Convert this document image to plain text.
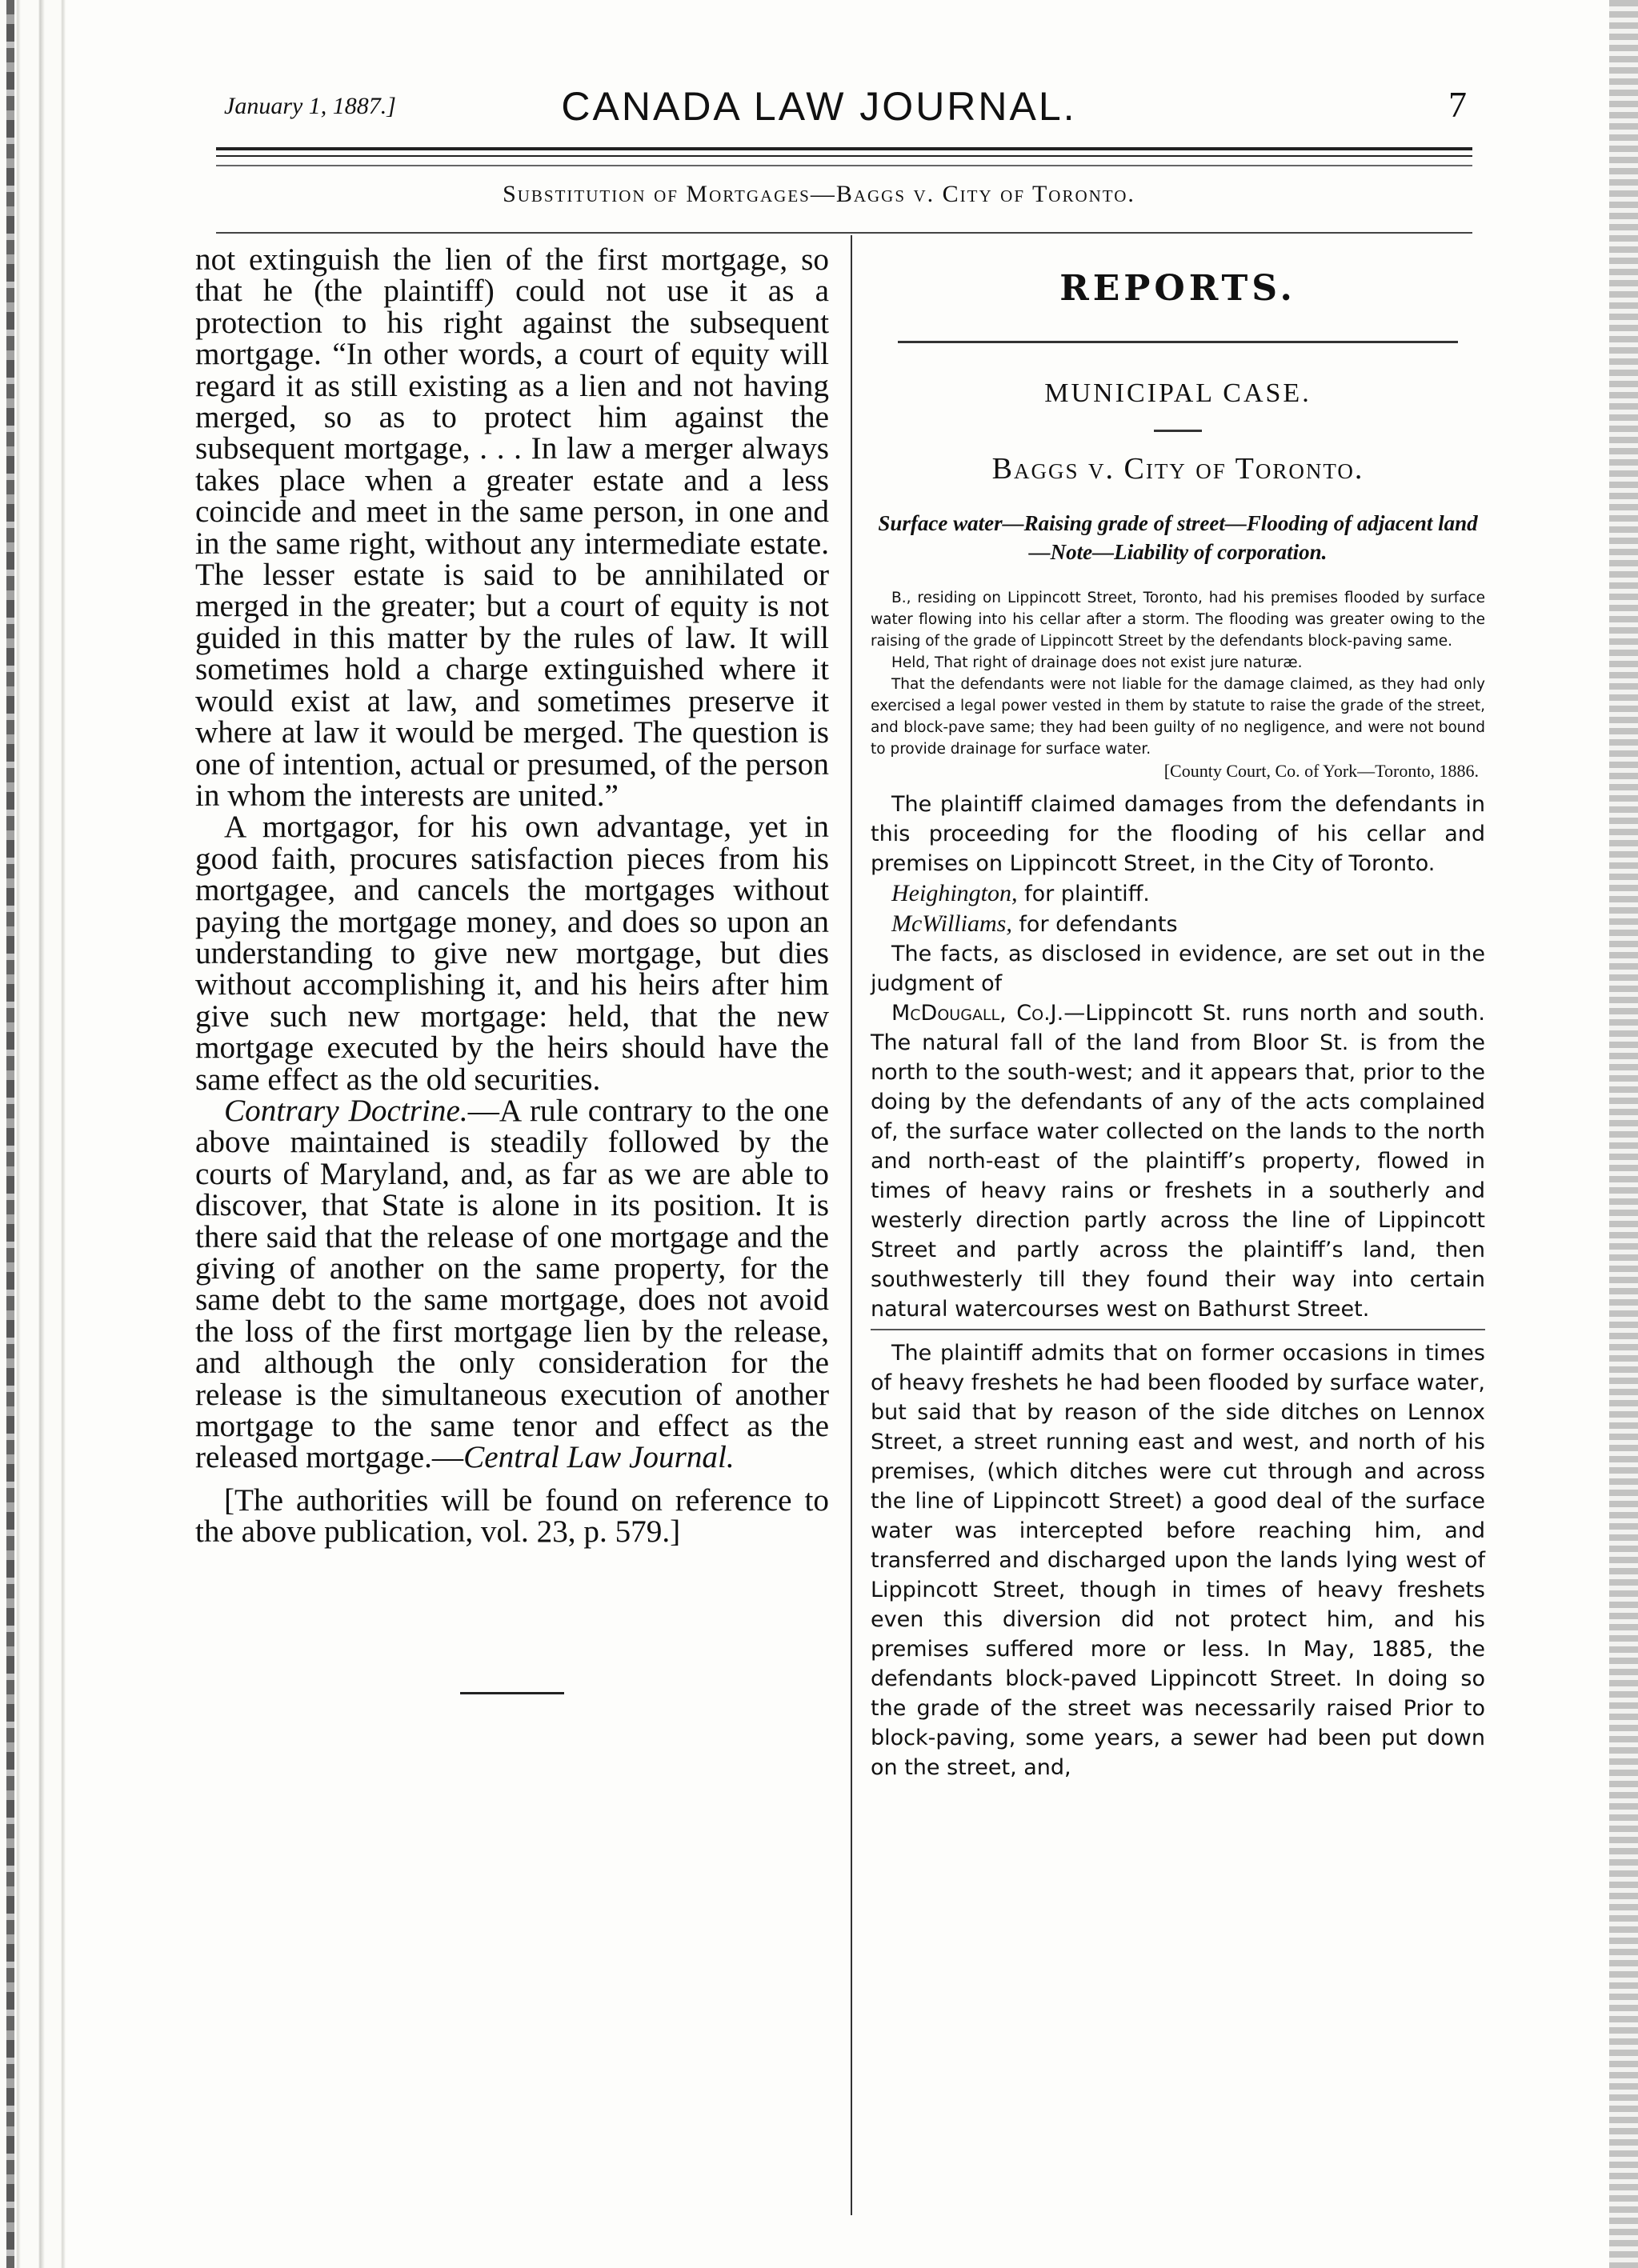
January 1, 1887.]	CANADA LAW JOURNAL.	7
Substitution of Mortgages—Baggs v. City of Toronto.

not extinguish the lien of the first mortgage, so that he (the plaintiff) could not use it as a protection to his right against the subsequent mortgage. “In other words, a court of equity will regard it as still existing as a lien and not having merged, so as to protect him against the subsequent mortgage, . . . In law a merger always takes place when a greater estate and a less coincide and meet in the same person, in one and in the same right, without any intermediate estate. The lesser estate is said to be annihilated or merged in the greater; but a court of equity is not guided in this matter by the rules of law. It will sometimes hold a charge extinguished where it would exist at law, and sometimes preserve it where at law it would be merged. The question is one of intention, actual or presumed, of the person in whom the interests are united.”

A mortgagor, for his own advantage, yet in good faith, procures satisfaction pieces from his mortgagee, and cancels the mortgages without paying the mortgage money, and does so upon an understanding to give new mortgage, but dies without accomplishing it, and his heirs after him give such new mortgage: held, that the new mortgage executed by the heirs should have the same effect as the old securities.

Contrary Doctrine.—A rule contrary to the one above maintained is steadily followed by the courts of Maryland, and, as far as we are able to discover, that State is alone in its position. It is there said that the release of one mortgage and the giving of another on the same property, for the same debt to the same mortgage, does not avoid the loss of the first mortgage lien by the release, and although the only consideration for the release is the simultaneous execution of another mortgage to the same tenor and effect as the released mortgage.—Central Law Journal.

[The authorities will be found on reference to the above publication, vol. 23, p. 579.]

REPORTS.
MUNICIPAL CASE.
Baggs v. City of Toronto.
Surface water—Raising grade of street—Flooding of adjacent land—Note—Liability of corporation.

B., residing on Lippincott Street, Toronto, had his premises flooded by surface water flowing into his cellar after a storm. The flooding was greater owing to the raising of the grade of Lippincott Street by the defendants block-paving same.

Held, That right of drainage does not exist jure naturæ.

That the defendants were not liable for the damage claimed, as they had only exercised a legal power vested in them by statute to raise the grade of the street, and block-pave same; they had been guilty of no negligence, and were not bound to provide drainage for surface water.

[County Court, Co. of York—Toronto, 1886.

The plaintiff claimed damages from the defendants in this proceeding for the flooding of his cellar and premises on Lippincott Street, in the City of Toronto.

Heighington, for plaintiff.

McWilliams, for defendants

The facts, as disclosed in evidence, are set out in the judgment of

McDougall, Co.J.—Lippincott St. runs north and south. The natural fall of the land from Bloor St. is from the north to the south-west; and it appears that, prior to the doing by the defendants of any of the acts complained of, the surface water collected on the lands to the north and north-east of the plaintiff’s property, flowed in times of heavy rains or freshets in a southerly and westerly direction partly across the line of Lippincott Street and partly across the plaintiff’s land, then southwesterly till they found their way into certain natural watercourses west on Bathurst Street.

The plaintiff admits that on former occasions in times of heavy freshets he had been flooded by surface water, but said that by reason of the side ditches on Lennox Street, a street running east and west, and north of his premises, (which ditches were cut through and across the line of Lippincott Street) a good deal of the surface water was intercepted before reaching him, and transferred and discharged upon the lands lying west of Lippincott Street, though in times of heavy freshets even this diversion did not protect him, and his premises suffered more or less. In May, 1885, the defendants block-paved Lippincott Street. In doing so the grade of the street was necessarily raised Prior to block-paving, some years, a sewer had been put down on the street, and,
